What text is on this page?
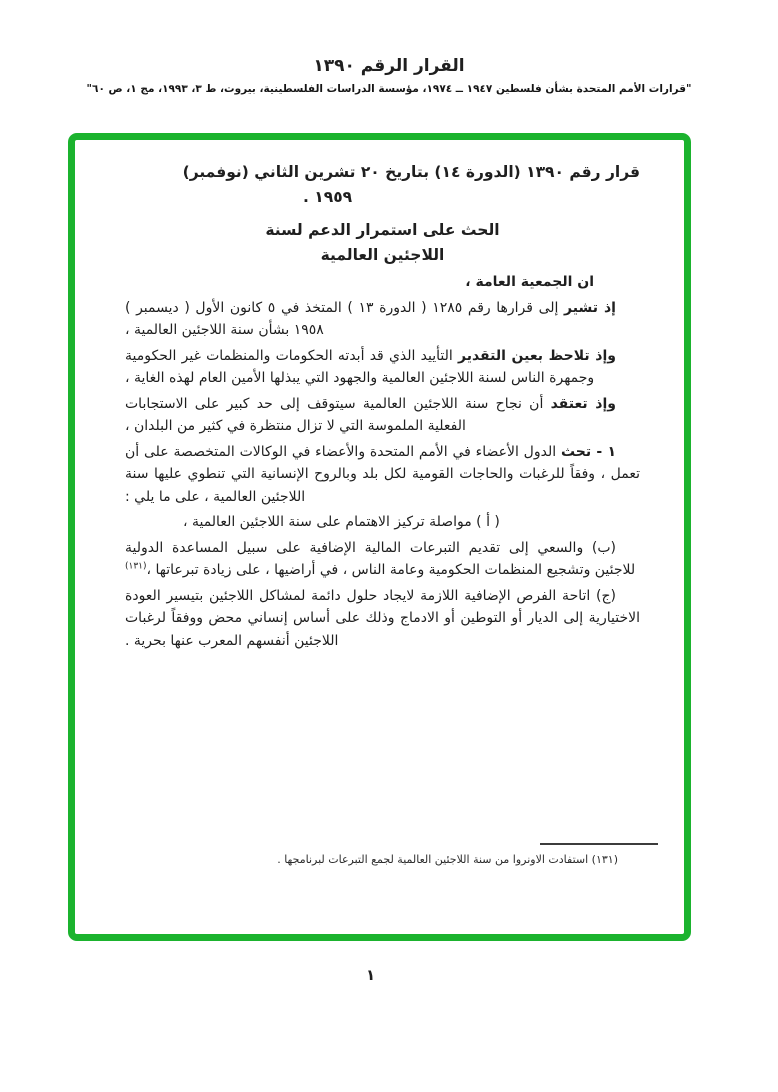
القرار الرقم ١٣٩٠
"قرارات الأمم المتحدة بشأن فلسطين ١٩٤٧ ــ ١٩٧٤، مؤسسة الدراسات الفلسطينية، بيروت، ط ٣، ١٩٩٣، مج ١، ص ٦٠"

قرار رقم ١٣٩٠ (الدورة ١٤) بتاريخ ٢٠ تشرين الثاني (نوفمبر)

١٩٥٩ .

الحث على استمرار الدعم لسنة

اللاجئين العالمية

ان الجمعية العامة ،

إذ تشير إلى قرارها رقم ١٢٨٥ ( الدورة ١٣ ) المتخذ في ٥ كانون الأول ( ديسمبر ) ١٩٥٨ بشأن سنة اللاجئين العالمية ،

وإذ تلاحظ بعين التقدير التأييد الذي قد أبدته الحكومات والمنظمات غير الحكومية وجمهرة الناس لسنة اللاجئين العالمية والجهود التي يبذلها الأمين العام لهذه الغاية ،

وإذ تعتقد أن نجاح سنة اللاجئين العالمية سيتوقف إلى حد كبير على الاستجابات الفعلية الملموسة التي لا تزال منتظرة في كثير من البلدان ،

١ - تحث الدول الأعضاء في الأمم المتحدة والأعضاء في الوكالات المتخصصة على أن تعمل ، وفقاً للرغبات والحاجات القومية لكل بلد وبالروح الإنسانية التي تنطوي عليها سنة اللاجئين العالمية ، على ما يلي :

( أ ) مواصلة تركيز الاهتمام على سنة اللاجئين العالمية ،

(ب) والسعي إلى تقديم التبرعات المالية الإضافية على سبيل المساعدة الدولية للاجئين وتشجيع المنظمات الحكومية وعامة الناس ، في أراضيها ، على زيادة تبرعاتها ،$^{(١٣١)}$

(ج) اتاحة الفرص الإضافية اللازمة لايجاد حلول دائمة لمشاكل اللاجئين بتيسير العودة الاختيارية إلى الديار أو التوطين أو الادماج وذلك على أساس إنساني محض ووفقاً لرغبات اللاجئين أنفسهم المعرب عنها بحرية .

(١٣١) استفادت الاونروا من سنة اللاجئين العالمية لجمع التبرعات لبرنامجها .

١
